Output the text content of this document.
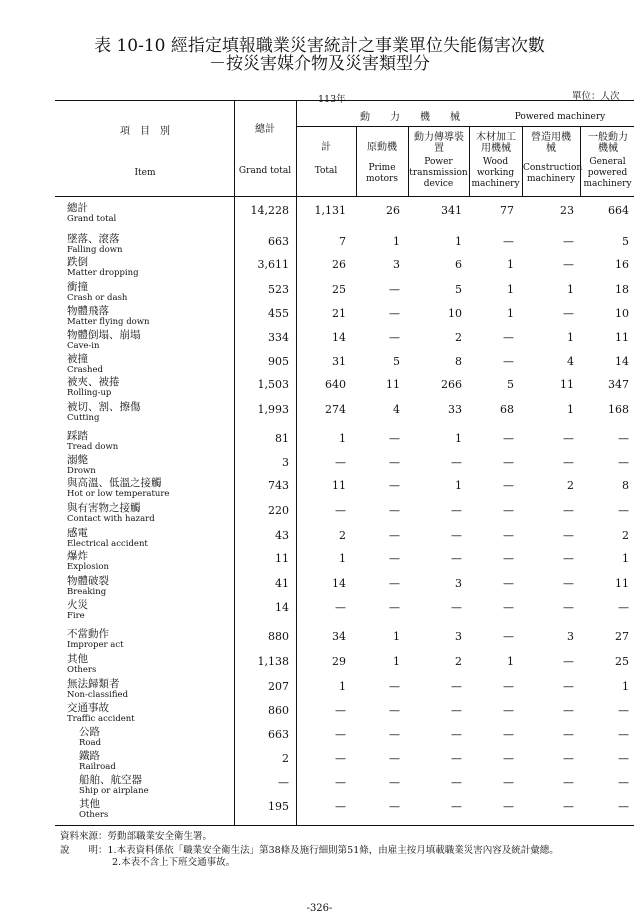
表 10-10 經指定填報職業災害統計之事業單位失能傷害次數
－按災害媒介物及災害類型分
113年	單位：人次
項　目　別
Item
總計
Grand total
動　　力　　機　　械	Powered machinery
計
Total
原動機
Prime motors
動力傳導裝置
Power transmission device
木材加工用機械
Wood working machinery
營造用機械
Construction machinery
一般動力機械
General powered machinery
總計
Grand total
14,228 1,131	26	341	77	23	664
墜落、滾落
Falling down
663	7	1	1	—	—	5
跌倒
Matter dropping
3,611	26	3	6	1	—	16
衝撞
Crash or dash
523	25	—	5	1	1	18
物體飛落
Matter flying down
455	21	—	10	1	—	10
物體倒塌、崩塌
Cave-in
334	14	—	2	—	1	11
被撞
Crashed
905	31	5	8	—	4	14
被夾、被捲
Rolling-up
1,503	640	11	266	5	11	347
被切、割、擦傷
Cutting
1,993	274	4	33	68	1	168
踩踏
Tread down
81	1	—	1	—	—	—
溺斃
Drown
3	—	—	—	—	—	—
與高溫、低溫之接觸
Hot or low temperature
743	11	—	1	—	2	8
與有害物之接觸
Contact with hazard
220	—	—	—	—	—	—
感電
Electrical accident
43	2	—	—	—	—	2
爆炸
Explosion
11	1	—	—	—	—	1
物體破裂
Breaking
41	14	—	3	—	—	11
火災
Fire
14	—	—	—	—	—	—
不當動作
Improper act
880	34	1	3	—	3	27
其他
Others
1,138	29	1	2	1	—	25
無法歸類者
Non-classified
207	1	—	—	—	—	1
交通事故
Traffic accident
860	—	—	—	—	—	—
公路
Road
663	—	—	—	—	—	—
鐵路
Railroad
2	—	—	—	—	—	—
船舶、航空器
Ship or airplane
—	—	—	—	—	—	—
其他
Others
195	—	—	—	—	—	—
資料來源：勞動部職業安全衛生署。
說　　明：1.本表資料係依「職業安全衛生法」第38條及施行細則第51條，由雇主按月填載職業災害內容及統計彙總。
2.本表不含上下班交通事故。
-326-
